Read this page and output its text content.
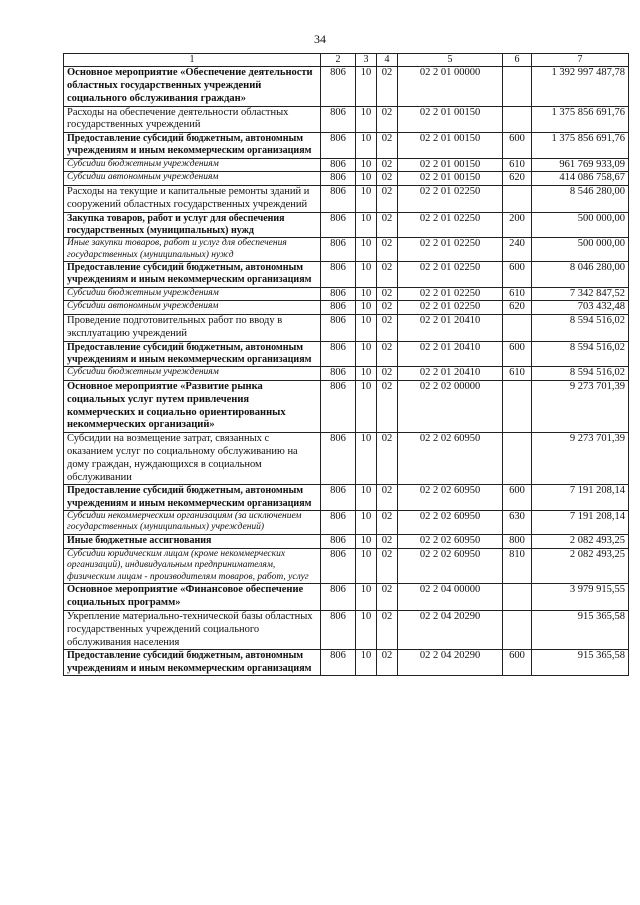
34
1	2	3	4	5	6	7
Основное мероприятие «Обеспечение деятельности областных государственных учреждений социального обслуживания граждан»	806	10	02	02 2 01 00000		1 392 997 487,78
Расходы на обеспечение деятельности областных государственных учреждений	806	10	02	02 2 01 00150		1 375 856 691,76
Предоставление субсидий бюджетным, автономным учреждениям и иным некоммерческим организациям	806	10	02	02 2 01 00150	600	1 375 856 691,76
Субсидии бюджетным учреждениям	806	10	02	02 2 01 00150	610	961 769 933,09
Субсидии автономным учреждениям	806	10	02	02 2 01 00150	620	414 086 758,67
Расходы на текущие и капитальные ремонты зданий и сооружений областных государственных учреждений	806	10	02	02 2 01 02250		8 546 280,00
Закупка товаров, работ и услуг для обеспечения государственных (муниципальных) нужд	806	10	02	02 2 01 02250	200	500 000,00
Иные закупки товаров, работ и услуг для обеспечения государственных (муниципальных) нужд	806	10	02	02 2 01 02250	240	500 000,00
Предоставление субсидий бюджетным, автономным учреждениям и иным некоммерческим организациям	806	10	02	02 2 01 02250	600	8 046 280,00
Субсидии бюджетным учреждениям	806	10	02	02 2 01 02250	610	7 342 847,52
Субсидии автономным учреждениям	806	10	02	02 2 01 02250	620	703 432,48
Проведение подготовительных работ по вводу в эксплуатацию учреждений	806	10	02	02 2 01 20410		8 594 516,02
Предоставление субсидий бюджетным, автономным учреждениям и иным некоммерческим организациям	806	10	02	02 2 01 20410	600	8 594 516,02
Субсидии бюджетным учреждениям	806	10	02	02 2 01 20410	610	8 594 516,02
Основное мероприятие «Развитие рынка социальных услуг путем привлечения коммерческих и социально ориентированных некоммерческих организаций»	806	10	02	02 2 02 00000		9 273 701,39
Субсидии на возмещение затрат, связанных с оказанием услуг по социальному обслуживанию на дому граждан, нуждающихся в социальном обслуживании	806	10	02	02 2 02 60950		9 273 701,39
Предоставление субсидий бюджетным, автономным учреждениям и иным некоммерческим организациям	806	10	02	02 2 02 60950	600	7 191 208,14
Субсидии некоммерческим организациям (за исключением государственных (муниципальных) учреждений)	806	10	02	02 2 02 60950	630	7 191 208,14
Иные бюджетные ассигнования	806	10	02	02 2 02 60950	800	2 082 493,25
Субсидии юридическим лицам (кроме некоммерческих организаций), индивидуальным предпринимателям, физическим лицам - производителям товаров, работ, услуг	806	10	02	02 2 02 60950	810	2 082 493,25
Основное мероприятие «Финансовое обеспечение социальных программ»	806	10	02	02 2 04 00000		3 979 915,55
Укрепление материально-технической базы областных государственных учреждений социального обслуживания населения	806	10	02	02 2 04 20290		915 365,58
Предоставление субсидий бюджетным, автономным учреждениям и иным некоммерческим организациям	806	10	02	02 2 04 20290	600	915 365,58
